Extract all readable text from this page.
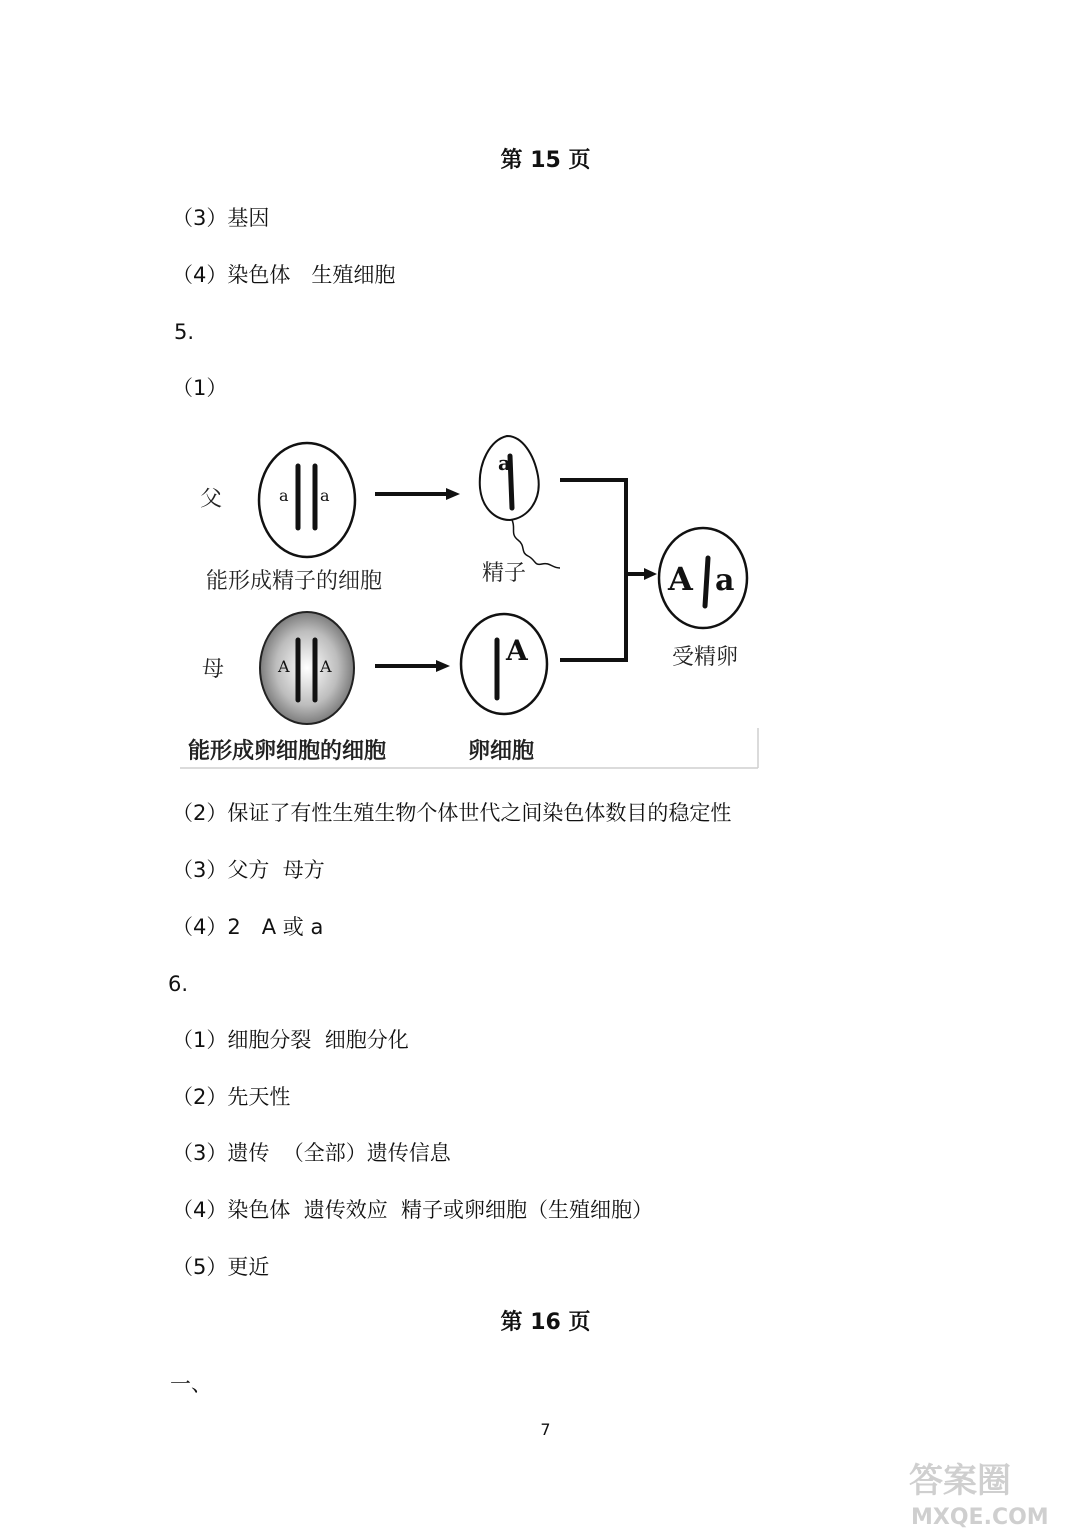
第 15 页
（3）基因
（4）染色体　生殖细胞
5.
（1）
父	a a
能形成精子的细胞
a
精子
母	A A
能形成卵细胞的细胞
A
卵细胞
A a
受精卵
（2）保证了有性生殖生物个体世代之间染色体数目的稳定性
（3）父方  母方
（4）2　A 或 a
6.
（1）细胞分裂  细胞分化
（2）先天性
（3）遗传  （全部）遗传信息
（4）染色体  遗传效应  精子或卵细胞（生殖细胞）
（5）更近
第 16 页
一、
7
答案圈
MXQE.COM
